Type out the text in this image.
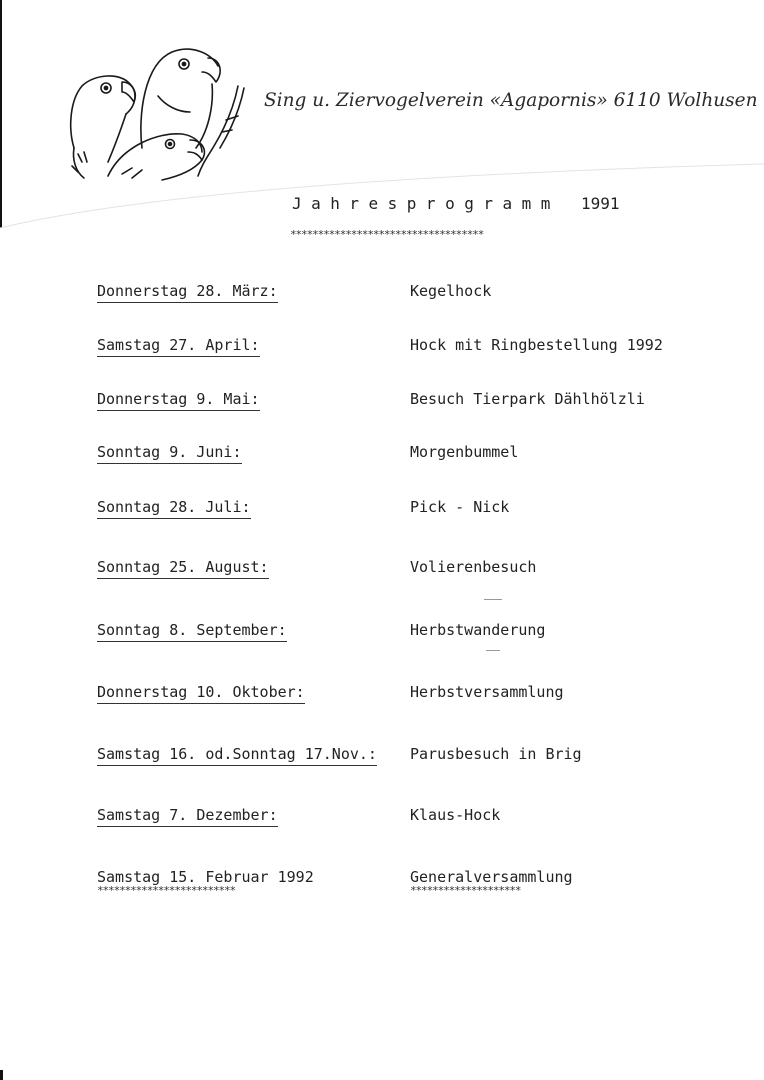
Sing u. Ziervogelverein «Agapornis» 6110 Wolhusen
Jahresprogramm 1991
***********************************
Donnerstag 28. März:	Kegelhock
Samstag 27. April:	Hock mit Ringbestellung 1992
Donnerstag 9. Mai:	Besuch Tierpark Dählhölzli
Sonntag 9. Juni:	Morgenbummel
Sonntag 28. Juli:	Pick - Nick
Sonntag 25. August:	Volierenbesuch
Sonntag 8. September:	Herbstwanderung
Donnerstag 10. Oktober:	Herbstversammlung
Samstag 16. od.Sonntag 17.Nov.: Parusbesuch in Brig
Samstag 7. Dezember:	Klaus-Hock
Samstag 15. Februar 1992	Generalversammlung
*************************	********************
